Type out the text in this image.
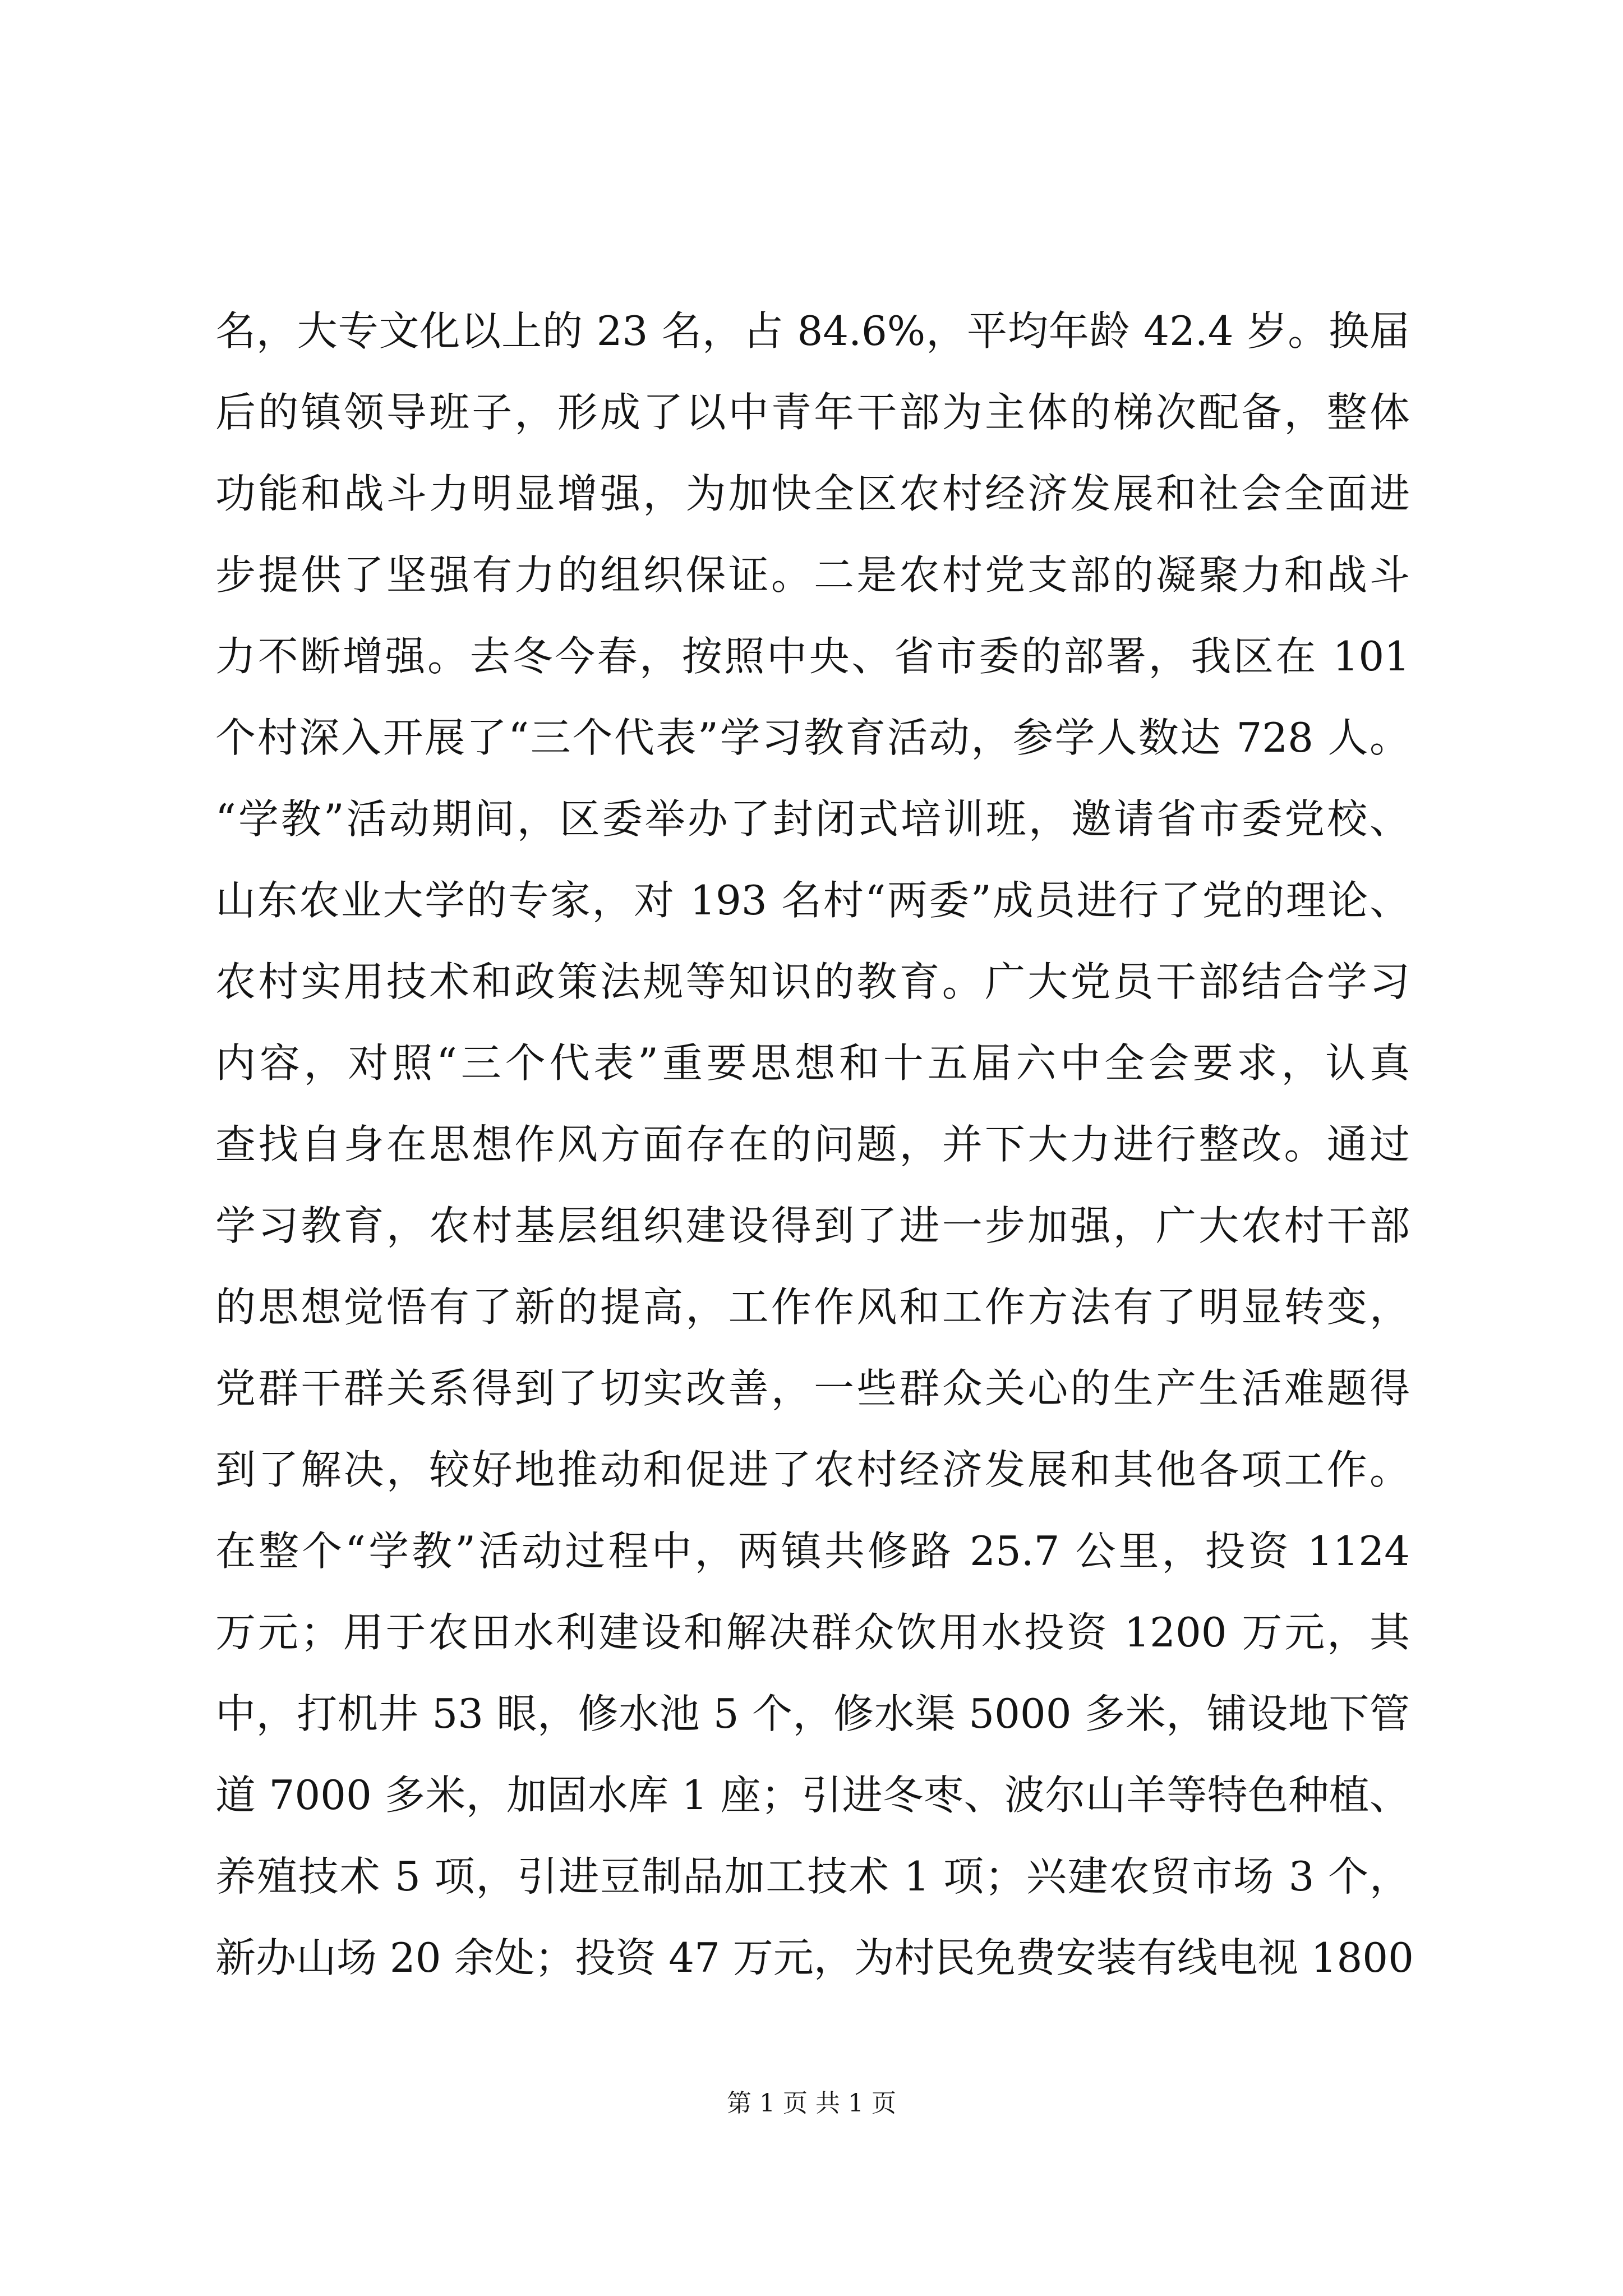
名，大专文化以上的 23 名，占 84.6%，平均年龄 42.4 岁。换届
后的镇领导班子，形成了以中青年干部为主体的梯次配备，整体
功能和战斗力明显增强，为加快全区农村经济发展和社会全面进
步提供了坚强有力的组织保证。二是农村党支部的凝聚力和战斗
力不断增强。去冬今春，按照中央、省市委的部署，我区在 101
个村深入开展了“三个代表”学习教育活动，参学人数达 728 人。
“学教”活动期间，区委举办了封闭式培训班，邀请省市委党校、
山东农业大学的专家，对 193 名村“两委”成员进行了党的理论、
农村实用技术和政策法规等知识的教育。广大党员干部结合学习
内容，对照“三个代表”重要思想和十五届六中全会要求，认真
查找自身在思想作风方面存在的问题，并下大力进行整改。通过
学习教育，农村基层组织建设得到了进一步加强，广大农村干部
的思想觉悟有了新的提高，工作作风和工作方法有了明显转变，
党群干群关系得到了切实改善，一些群众关心的生产生活难题得
到了解决，较好地推动和促进了农村经济发展和其他各项工作。
在整个“学教”活动过程中，两镇共修路 25.7 公里，投资 1124
万元；用于农田水利建设和解决群众饮用水投资 1200 万元，其
中，打机井 53 眼，修水池 5 个，修水渠 5000 多米，铺设地下管
道 7000 多米，加固水库 1 座；引进冬枣、波尔山羊等特色种植、
养殖技术 5 项，引进豆制品加工技术 1 项；兴建农贸市场 3 个，
新办山场 20 余处；投资 47 万元，为村民免费安装有线电视 1800
第 1 页 共 1 页
